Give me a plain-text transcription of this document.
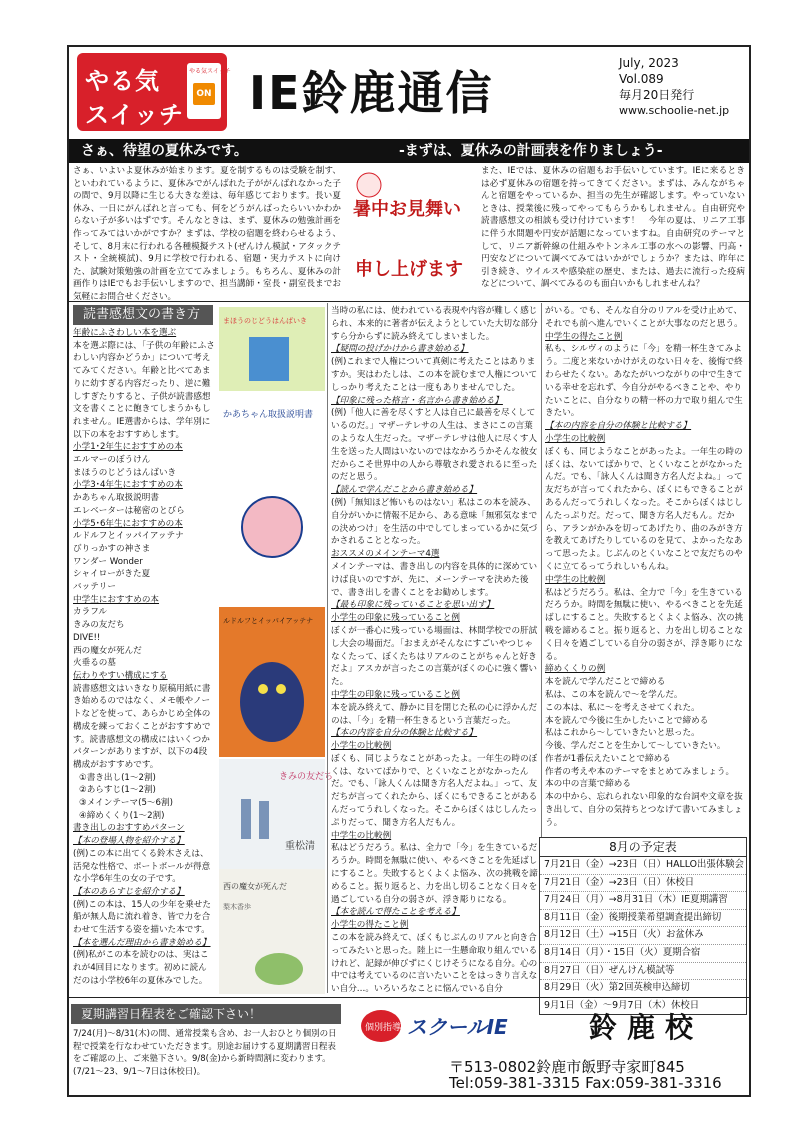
やる気
スイッチ
やる気スイッチ
ON IE鈴鹿通信
July, 2023
Vol.089
毎月20日発行
www.schoolie-net.jp
さぁ、待望の夏休みです。	-まずは、夏休みの計画表を作りましょう-
さぁ、いよいよ夏休みが始まります。夏を制するものは受験を制す、といわれているように、夏休みでがんばれた子ががんばれなかった子の間で、9月以降に生じる大きな差は、毎年感じております。長い夏休み、一日にがんばれと言っても、何をどうがんばったらいいかわからない子が多いはずです。そんなときは、まず、夏休みの勉強計画を作ってみてはいかがですか？まずは、学校の宿題を終わらせるよう、そして、8月末に行われる各種模擬テスト(ぜんけん模試・アタックテスト・全統模試)、9月に学校で行われる、宿題・実力テストに向けた、試験対策勉強の計画を立ててみましょう。もちろん、夏休みの計画作りはIEでもお手伝いしますので、担当講師・室長・副室長までお気軽にお問合せください。
暑中お見舞い
申し上げます
また、IEでは、夏休みの宿題もお手伝いしています。IEに来るときは必ず夏休みの宿題を持ってきてください。まずは、みんながちゃんと宿題をやっているか、担当の先生が確認します。やっていないときは、授業後に残ってやってもらうかもしれません。自由研究や読書感想文の相談も受け付けています！　今年の夏は、リニア工事に伴う水問題や円安が話題になっていますね。自由研究のテーマとして、リニア新幹線の仕組みやトンネル工事の水への影響、円高・円安などについて調べてみてはいかがでしょうか？または、昨年に引き続き、ウイルスや感染症の歴史、または、過去に流行った疫病などについて、調べてみるのも面白いかもしれませんね？
読書感想文の書き方
年齢にふさわしい本を選ぶ
本を選ぶ際には、「子供の年齢にふさわしい内容かどうか」について考えてみてください。年齢と比べてあまりに幼すぎる内容だったり、逆に難しすぎたりすると、子供が読書感想文を書くことに飽きてしまうかもしれません。IE選書からは、学年別に以下の本をおすすめします。
小学1･2年生におすすめの本
エルマーのぼうけん
まほうのじどうはんばいき
小学3･4年生におすすめの本
かあちゃん取扱説明書
エレベーターは秘密のとびら
小学5･6年生におすすめの本
ルドルフとイッパイアッテナ
びりっかすの神さま
ワンダー Wonder
シャイローがきた夏
バッテリー
中学生におすすめの本
カラフル
きみの友だち
DIVE!!
西の魔女が死んだ
火垂るの墓
伝わりやすい構成にする
読書感想文はいきなり原稿用紙に書き始めるのではなく、メモ帳やノートなどを使って、あらかじめ全体の構成を練っておくことがおすすめです。読書感想文の構成にはいくつかパターンがありますが、以下の4段構成がおすすめです。
①書き出し(1～2割)
②あらすじ(1～2割)
③メインテーマ(5～6割)
④締めくくり(1～2割)
書き出しのおすすめパターン
【本の登場人物を紹介する】
(例)この本に出てくる鈴木さえは、活発な性格で、ポートボールが得意な小学6年生の女の子です。
【本のあらすじを紹介する】
(例)この本は、15人の少年を乗せた船が無人島に流れ着き、皆で力を合わせて生活する姿を描いた本です。
【本を選んだ理由から書き始める】
(例)私がこの本を読むのは、実はこれが4回目になります。初めに読んだのは小学校6年の夏休みでした。
まほうのじどうはんばいき
かあちゃん取扱説明書
ルドルフとイッパイアッテナ
きみの友だち
重松清
西の魔女が死んだ
梨木香歩
当時の私には、使われている表現や内容が難しく感じられ、本来的に著者が伝えようとしていた大切な部分すら分からずに読み終えてしまいました。
【疑問の投げかけから書き始める】
(例)これまで人権について真剣に考えたことはありますか。実はわたしは、この本を読むまで人権についてしっかり考えたことは一度もありませんでした。
【印象に残った格言・名言から書き始める】
(例)「他人に善を尽くすと人は自己に最善を尽くしているのだ。」マザーテレサの人生は、まさにこの言葉のような人生だった。マザーテレサは他人に尽くす人生を送った人間はいないのではなかろうかそんな彼女だからこそ世界中の人から尊敬され愛されるに至ったのだと思う。
【読んで学んだことから書き始める】
(例)「無知ほど怖いものはない」私はこの本を読み、自分がいかに情報不足から、ある意味「無邪気なまでの決めつけ」を生活の中でしてしまっているかに気づかされることとなった。
おススメのメインテーマ4選
メインテーマは、書き出しの内容を具体的に深めていけば良いのですが、先に、メーンテーマを決めた後で、書き出しを書くことをお勧めします。
【最も印象に残っていることを思い出す】
小学生の印象に残っていること例
ぼくが一番心に残っている場面は、林間学校での肝試し大会の場面だ。「おまえがそんなにすごいやつじゃなくたって、ぼくたちはリアルのことがちゃんと好きだよ」アスカが言ったこの言葉がぼくの心に強く響いた。
中学生の印象に残っていること例
本を読み終えて、静かに目を閉じた私の心に浮かんだのは、「今」を精一杯生きるという言葉だった。
【本の内容を自分の体験と比較する】
小学生の比較例
ぼくも、同じようなことがあったよ。一年生の時のぼくは、ないてばかりで、とくいなことがなかったんだ。でも、「詠人くんは聞き方名人だよね。」って、友だちが言ってくれたから、ぼくにもできることがあるんだってうれしくなった。そこからぼくはじしんたっぷりだって、聞き方名人だもん。
中学生の比較例
私はどうだろう。私は、全力で「今」を生きているだろうか。時間を無駄に使い、やるべきことを先延ばしにすること。失敗するとくよくよ悩み、次の挑戦を諦めること。振り返ると、力を出し切ることなく日々を過ごしている自分の弱さが、浮き彫りになる。
【本を読んで得たことを考える】
小学生の得たこと例
この本を読み終えて、ぼくもじぶんのリアルと向き合ってみたいと思った。陸上に一生懸命取り組んでいるけれど、記録が伸びずにくじけそうになる自分。心の中では考えているのに言いたいことをはっきり言えない自分…。いろいろなことに悩んでいる自分
がいる。でも、そんな自分のリアルを受け止めて、それでも前へ進んでいくことが大事なのだと思う。
中学生の得たこと例
私も、シルヴィのように「今」を精一杯生きてみよう。二度と来ないかけがえのない日々を、後悔で終わらせたくない。あなたがいつながりの中で生きている幸せを忘れず、今自分がやるべきことや、やりたいことに、自分なりの精一杯の力で取り組んで生きたい。
【本の内容を自分の体験と比較する】
小学生の比較例
ぼくも、同じようなことがあったよ。一年生の時のぼくは、ないてばかりで、とくいなことがなかったんだ。でも、「詠人くんは聞き方名人だよね。」って友だちが言ってくれたから、ぼくにもできることがあるんだってうれしくなった。そこからぼくはじしんたっぷりだ。だって、聞き方名人だもん。だから、アランがかみを切ってあげたり、曲のみがき方を教えてあげたりしているのを見て、よかったなあって思ったよ。じぶんのとくいなことで友だちのやくに立てるってうれしいもんね。
中学生の比較例
私はどうだろう。私は、全力で「今」を生きているだろうか。時間を無駄に使い、やるべきことを先延ばしにすること。失敗するとくよくよ悩み、次の挑戦を諦めること。振り返ると、力を出し切ることなく日々を過ごしている自分の弱さが、浮き彫りになる。
締めくくりの例
本を読んで学んだことで締める
私は、この本を読んで～を学んだ。
この本は、私に～を考えさせてくれた。
本を読んで今後に生かしたいことで締める
私はこれから～していきたいと思った。
今後、学んだことを生かして～していきたい。
作者が1番伝えたいことで締める
作者の考えや本のテーマをまとめてみましょう。
本の中の言葉で締める
本の中から、忘れられない印象的な台詞や文章を抜き出して、自分の気持ちとつなげて書いてみましょう。
8月の予定表
7月21日（金）→23日（日）HALLO出張体験会
7月21日（金）→23日（日）休校日
7月24日（月）→8月31日（木）IE夏期講習
8月11日（金）後期授業希望調査提出締切
8月12日（土）→15日（火）お盆休み
8月14日（月）・15日（火）夏期合宿
8月27日（日）ぜんけん模試等
8月29日（火）第2回英検申込締切
9月1日（金）～9月7日（木）休校日
夏期講習日程表をご確認下さい！
7/24(月)～8/31(木)の間、通常授業も含め、お一人おひとり個別の日程で授業を行なわせていただきます。別途お届けする夏期講習日程表をご確認の上、ご来塾下さい。9/8(金)から新時間割に変わります。(7/21～23、9/1～7日は休校日)。
個別指導 スクールIE	鈴鹿校
〒513-0802鈴鹿市飯野寺家町845
Tel:059-381-3315 Fax:059-381-3316
